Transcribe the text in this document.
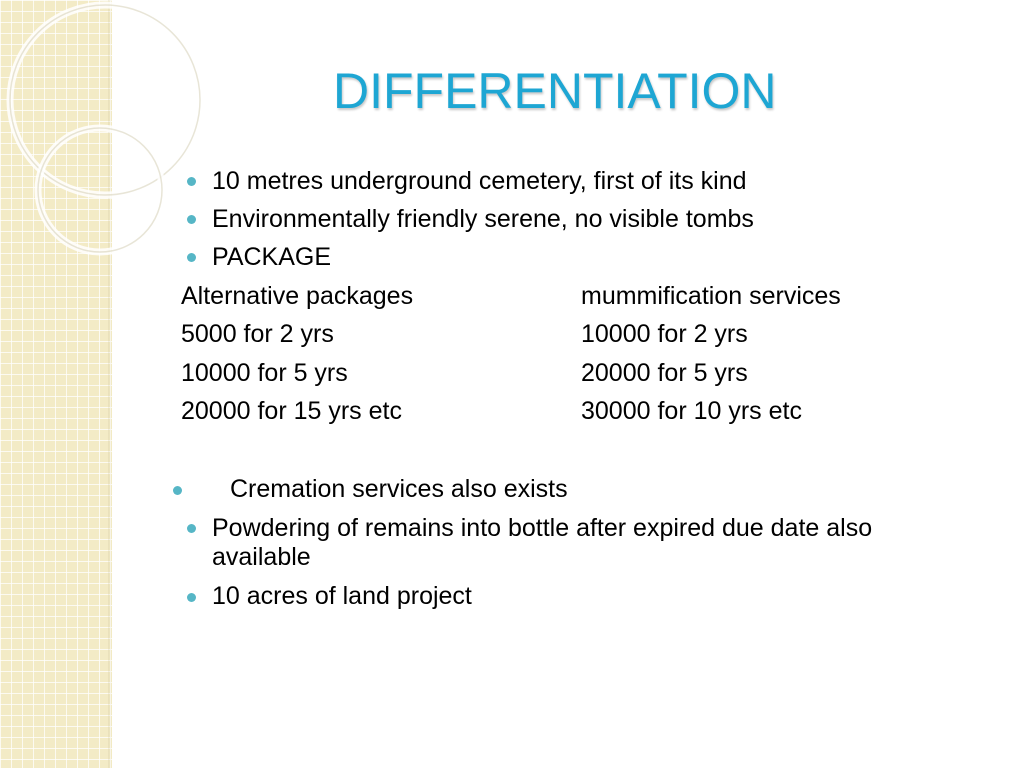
DIFFERENTIATION
10 metres underground cemetery, first of its kind
Environmentally friendly serene, no visible tombs
PACKAGE
Alternative packages	mummification services
5000 for 2 yrs	10000 for 2 yrs
10000 for 5 yrs	20000 for 5 yrs
20000 for 15 yrs etc	30000 for 10 yrs etc
Cremation services also exists
Powdering of remains into bottle after expired due date also
available
10 acres of land project
